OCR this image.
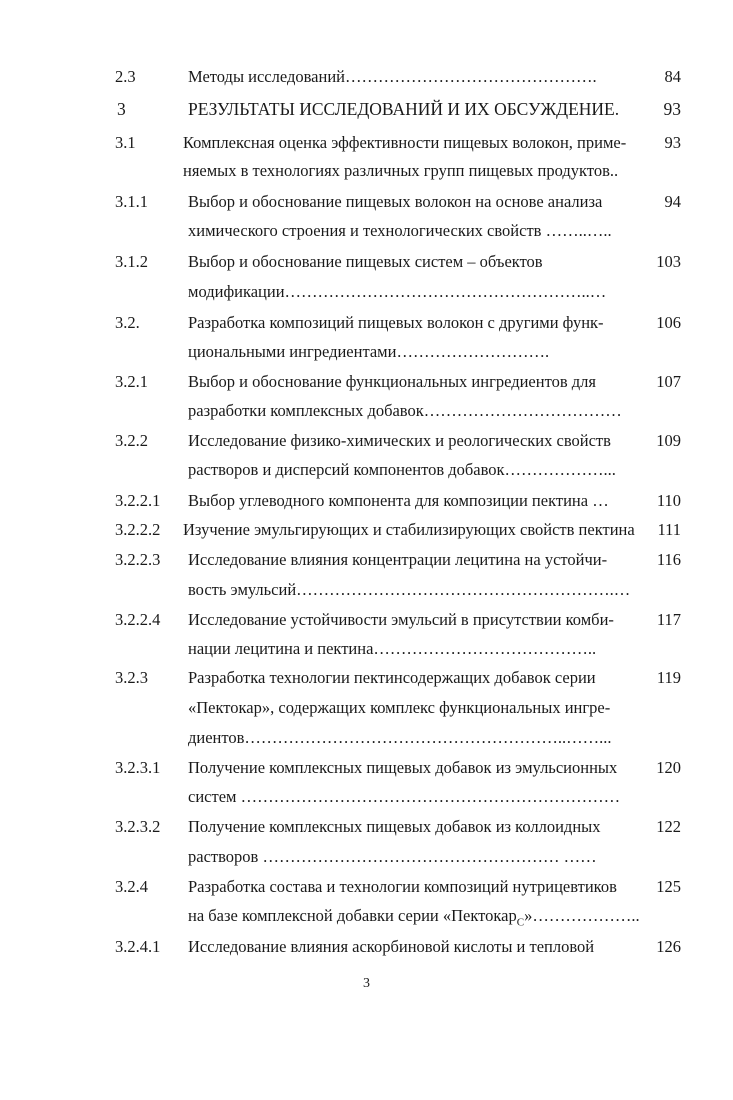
2.3	Методы исследований……………………………………….	84
3	РЕЗУЛЬТАТЫ ИССЛЕДОВАНИЙ И ИХ ОБСУЖДЕНИЕ.	93
3.1	Комплексная оценка эффективности пищевых волокон, приме- 93
няемых в технологиях различных групп пищевых продуктов..
3.1.1 Выбор и обоснование пищевых волокон на основе анализа	94
химического строения и технологических свойств ……..…..
3.1.2 Выбор и обоснование пищевых систем – объектов	103
модификации………………………………………………..…
3.2.	Разработка композиций пищевых волокон с другими функ-	106
циональными ингредиентами……………………….
3.2.1 Выбор и обоснование функциональных ингредиентов для	107
разработки комплексных добавок………………………………
3.2.2 Исследование физико-химических и реологических свойств	109
растворов и дисперсий компонентов добавок………………...
3.2.2.1 Выбор углеводного компонента для композиции пектина …	110
3.2.2.2 Изучение эмульгирующих и стабилизирующих свойств пектина 111
3.2.2.3 Исследование влияния концентрации лецитина на устойчи-	116
вость эмульсий………………………………………………….…
3.2.2.4 Исследование устойчивости эмульсий в присутствии комби-	117
нации лецитина и пектина…………………………………..
3.2.3 Разработка технологии пектинсодержащих добавок серии	119
«Пектокар», содержащих комплекс функциональных ингре-
диентов…………………………………………………..……...
3.2.3.1 Получение комплексных пищевых добавок из эмульсионных 120
систем ……………………………………………………………
3.2.3.2 Получение комплексных пищевых добавок из коллоидных	122
растворов ……………………………………………… ……
3.2.4 Разработка состава и технологии композиций нутрицевтиков 125
на базе комплексной добавки серии «Пектокар$_C$»………………..
3.2.4.1 Исследование влияния аскорбиновой кислоты и тепловой	126
3
